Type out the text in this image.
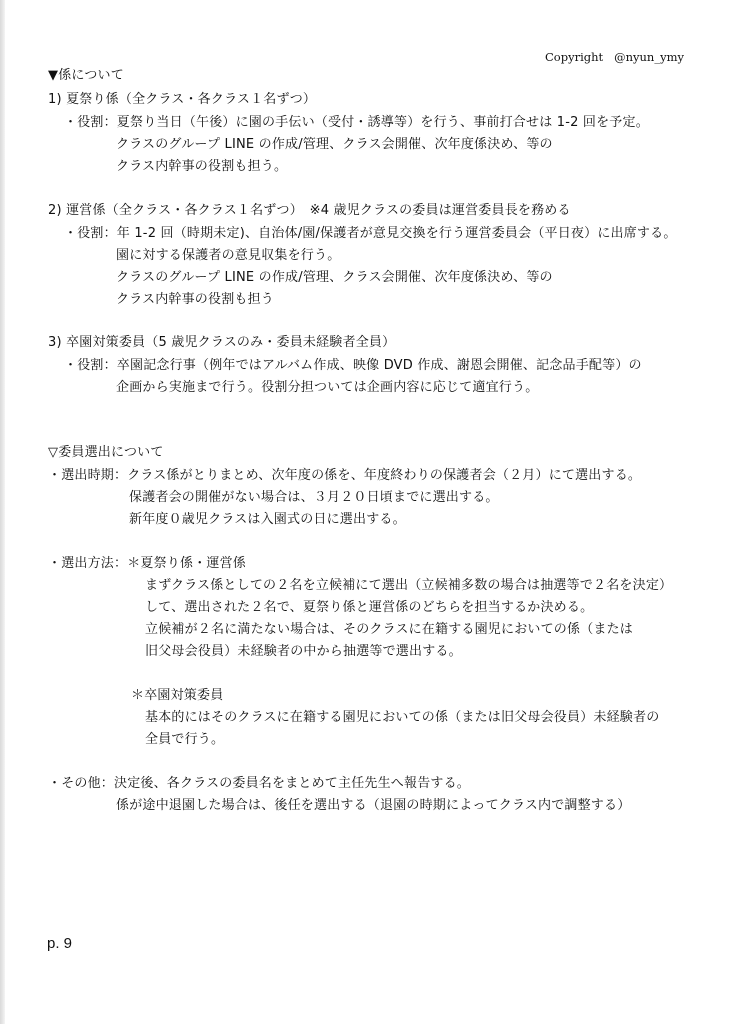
Copyright   @nyun_ymy
▼係について
1) 夏祭り係（全クラス・各クラス１名ずつ）
・役割：夏祭り当日（午後）に園の手伝い（受付・誘導等）を行う、事前打合せは 1-2 回を予定。
クラスのグループ LINE の作成/管理、クラス会開催、次年度係決め、等の
クラス内幹事の役割も担う。
2) 運営係（全クラス・各クラス１名ずつ）　※4 歳児クラスの委員は運営委員長を務める
・役割：年 1-2 回（時期未定)、自治体/園/保護者が意見交換を行う運営委員会（平日夜）に出席する。
園に対する保護者の意見収集を行う。
クラスのグループ LINE の作成/管理、クラス会開催、次年度係決め、等の
クラス内幹事の役割も担う
3) 卒園対策委員（5 歳児クラスのみ・委員未経験者全員）
・役割：卒園記念行事（例年ではアルバム作成、映像 DVD 作成、謝恩会開催、記念品手配等）の
企画から実施まで行う。役割分担ついては企画内容に応じて適宜行う。
▽委員選出について
・選出時期：クラス係がとりまとめ、次年度の係を、年度終わりの保護者会（２月）にて選出する。
保護者会の開催がない場合は、３月２０日頃までに選出する。
新年度０歳児クラスは入園式の日に選出する。
・選出方法：＊夏祭り係・運営係
まずクラス係としての２名を立候補にて選出（立候補多数の場合は抽選等で２名を決定）
して、選出された２名で、夏祭り係と運営係のどちらを担当するか決める。
立候補が２名に満たない場合は、そのクラスに在籍する園児においての係（または
旧父母会役員）未経験者の中から抽選等で選出する。
＊卒園対策委員
基本的にはそのクラスに在籍する園児においての係（または旧父母会役員）未経験者の
全員で行う。
・その他：決定後、各クラスの委員名をまとめて主任先生へ報告する。
係が途中退園した場合は、後任を選出する（退園の時期によってクラス内で調整する）
p. 9
